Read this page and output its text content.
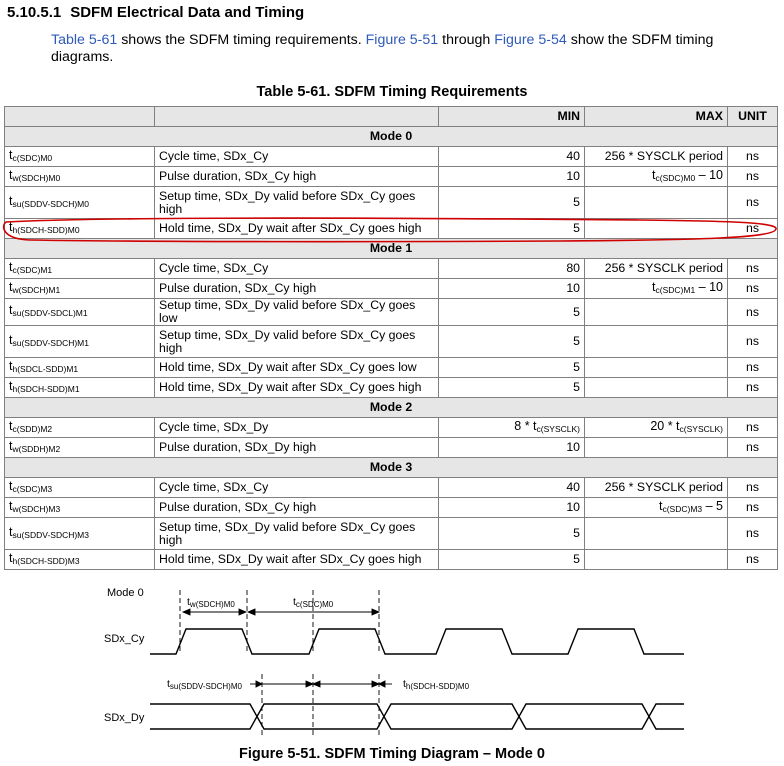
5.10.5.1 SDFM Electrical Data and Timing
Table 5-61 shows the SDFM timing requirements. Figure 5-51 through Figure 5-54 show the SDFM timing diagrams.
Table 5-61. SDFM Timing Requirements
		MIN	MAX	UNIT
Mode 0				
$t_{c(SDC)M0}$	Cycle time, SDx_Cy	40	256 * SYSCLK period	ns
$t_{w(SDCH)M0}$	Pulse duration, SDx_Cy high	10	$t_{c(SDC)M0} - 10$	ns
$t_{su(SDDV-SDCH)M0}$	Setup time, SDx_Dy valid before SDx_Cy goes high	5		ns
$t_{h(SDCH-SDD)M0}$	Hold time, SDx_Dy wait after SDx_Cy goes high	5		ns
Mode 1				
$t_{c(SDC)M1}$	Cycle time, SDx_Cy	80	256 * SYSCLK period	ns
$t_{w(SDCH)M1}$	Pulse duration, SDx_Cy high	10	$t_{c(SDC)M1} - 10$	ns
$t_{su(SDDV-SDCL)M1}$	Setup time, SDx_Dy valid before SDx_Cy goes low	5		ns
$t_{su(SDDV-SDCH)M1}$	Setup time, SDx_Dy valid before SDx_Cy goes high	5		ns
$t_{h(SDCL-SDD)M1}$	Hold time, SDx_Dy wait after SDx_Cy goes low	5		ns
$t_{h(SDCH-SDD)M1}$	Hold time, SDx_Dy wait after SDx_Cy goes high	5		ns
Mode 2				
$t_{c(SDD)M2}$	Cycle time, SDx_Dy	$8 * t_{c(SYSCLK)}$	$20 * t_{c(SYSCLK)}$	ns
$t_{w(SDDH)M2}$	Pulse duration, SDx_Dy high	10		ns
Mode 3				
$t_{c(SDC)M3}$	Cycle time, SDx_Cy	40	256 * SYSCLK period	ns
$t_{w(SDCH)M3}$	Pulse duration, SDx_Cy high	10	$t_{c(SDC)M3} - 5$	ns
$t_{su(SDDV-SDCH)M3}$	Setup time, SDx_Dy valid before SDx_Cy goes high	5		ns
$t_{h(SDCH-SDD)M3}$	Hold time, SDx_Dy wait after SDx_Cy goes high	5		ns
Mode 0
SDx_Cy
SDx_Dy
tw(SDCH)M0	tc(SDC)M0
tsu(SDDV-SDCH)M0	th(SDCH-SDD)M0
Figure 5-51. SDFM Timing Diagram – Mode 0
